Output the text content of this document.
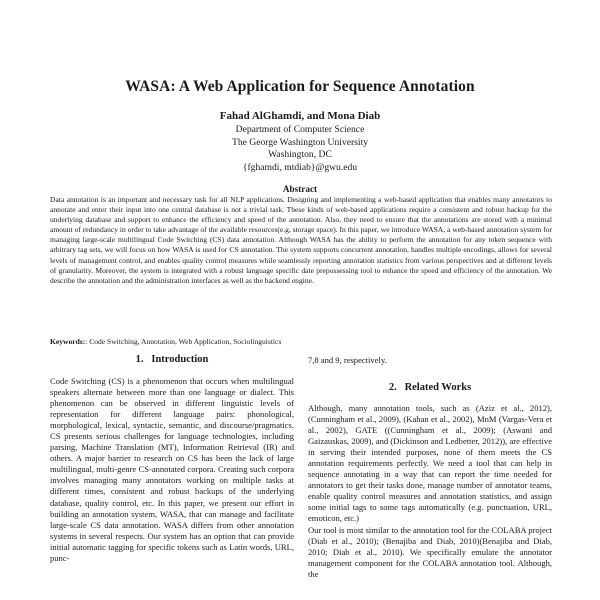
WASA: A Web Application for Sequence Annotation
Fahad AlGhamdi, and Mona Diab
Department of Computer Science
The George Washington University
Washington, DC
{fghamdi, mtdiab}@gwu.edu
Abstract
Data annotation is an important and necessary task for all NLP applications. Designing and implementing a web-based application that enables many annotators to annotate and enter their input into one central database is not a trivial task. These kinds of web-based applications require a consistent and robust backup for the underlying database and support to enhance the efficiency and speed of the annotation. Also, they need to ensure that the annotations are stored with a minimal amount of redundancy in order to take advantage of the available resources(e.g, storage space). In this paper, we introduce WASA, a web-based annotation system for managing large-scale multilingual Code Switching (CS) data annotation. Although WASA has the ability to perform the annotation for any token sequence with arbitrary tag sets, we will focus on how WASA is used for CS annotation. The system supports concurrent annotation, handles multiple encodings, allows for several levels of management control, and enables quality control measures while seamlessly reporting annotation statistics from various perspectives and at different levels of granularity. Moreover, the system is integrated with a robust language specific date prepossessing tool to enhance the speed and efficiency of the annotation. We describe the annotation and the administration interfaces as well as the backend engine.
Keywords:: Code Switching, Annotation, Web Application, Sociolinguistics
1.   Introduction

Code Switching (CS) is a phenomenon that occurs when multilingual speakers alternate between more than one language or dialect. This phenomenon can be observed in different linguistic levels of representation for different language pairs: phonological, morphological, lexical, syntactic, semantic, and discourse/pragmatics. CS presents serious challenges for language technologies, including parsing, Machine Translation (MT), Information Retrieval (IR) and others. A major barrier to research on CS has been the lack of large multilingual, multi-genre CS-annotated corpora. Creating such corpora involves managing many annotators working on multiple tasks at different times, consistent and robust backups of the underlying database, quality control, etc. In this paper, we present our effort in building an annotation system, WASA, that can manage and facilitate large-scale CS data annotation. WASA differs from other annotation systems in several respects. Our system has an option that can provide initial automatic tagging for specific tokens such as Latin words, URL, punc-

7,8 and 9, respectively.

2.   Related Works

Although, many annotation tools, such as (Aziz et al., 2012), (Cunningham et al., 2009), (Kahan et al., 2002), MnM (Vargas-Vera et al., 2002), GATE ((Cunningham et al., 2009); (Aswani and Gaizauskas, 2009), and (Dickinson and Ledbetter, 2012)), are effective in serving their intended purposes, none of them meets the CS annotation requirements perfectly. We need a tool that can help in sequence annotating in a way that can report the time needed for annotators to get their tasks done, manage number of annotator teams, enable quality control measures and annotation statistics, and assign some initial tags to some tags automatically (e.g. punctuation, URL, emoticon, etc.)

Our tool is most similar to the annotation tool for the COLABA project (Diab et al., 2010); (Benajiba and Diab, 2010)(Benajiba and Diab, 2010; Diab et al., 2010). We specifically emulate the annotator management component for the COLABA annotation tool. Although, the
